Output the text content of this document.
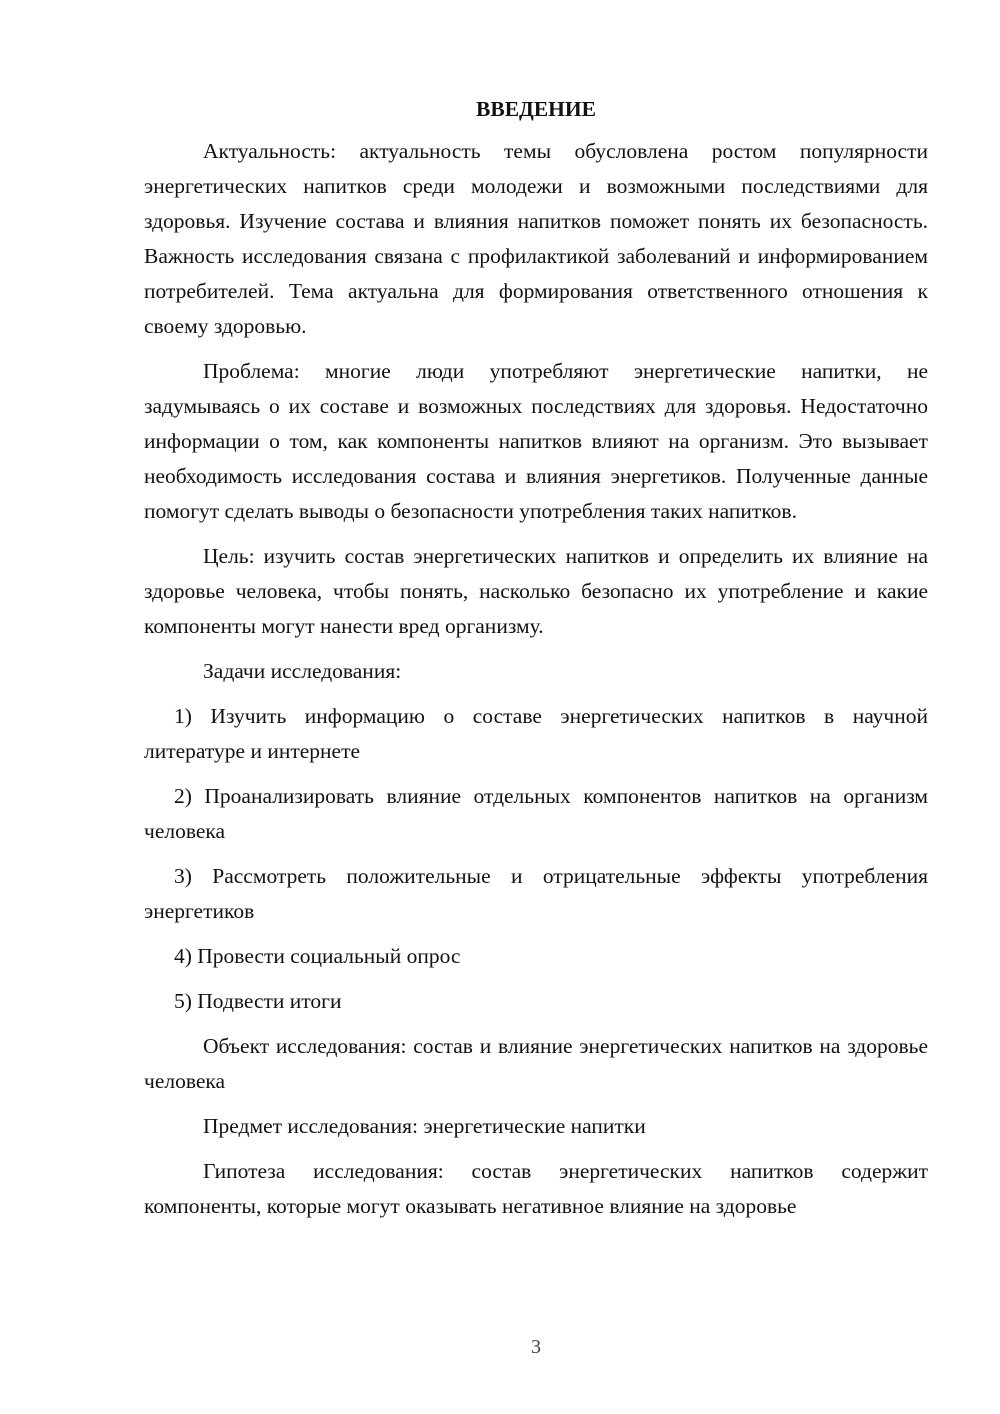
ВВЕДЕНИЕ

Актуальность: актуальность темы обусловлена ростом популярности энергетических напитков среди молодежи и возможными последствиями для здоровья. Изучение состава и влияния напитков поможет понять их безопасность. Важность исследования связана с профилактикой заболеваний и информированием потребителей. Тема актуальна для формирования ответственного отношения к своему здоровью.

Проблема: многие люди употребляют энергетические напитки, не задумываясь о их составе и возможных последствиях для здоровья. Недостаточно информации о том, как компоненты напитков влияют на организм. Это вызывает необходимость исследования состава и влияния энергетиков. Полученные данные помогут сделать выводы о безопасности употребления таких напитков.

Цель: изучить состав энергетических напитков и определить их влияние на здоровье человека, чтобы понять, насколько безопасно их употребление и какие компоненты могут нанести вред организму.

Задачи исследования:

1) Изучить информацию о составе энергетических напитков в научной литературе и интернете

2) Проанализировать влияние отдельных компонентов напитков на организм человека

3) Рассмотреть положительные и отрицательные эффекты употребления энергетиков

4) Провести социальный опрос

5) Подвести итоги

Объект исследования: состав и влияние энергетических напитков на здоровье человека

Предмет исследования: энергетические напитки

Гипотеза исследования: состав энергетических напитков содержит компоненты, которые могут оказывать негативное влияние на здоровье

3
